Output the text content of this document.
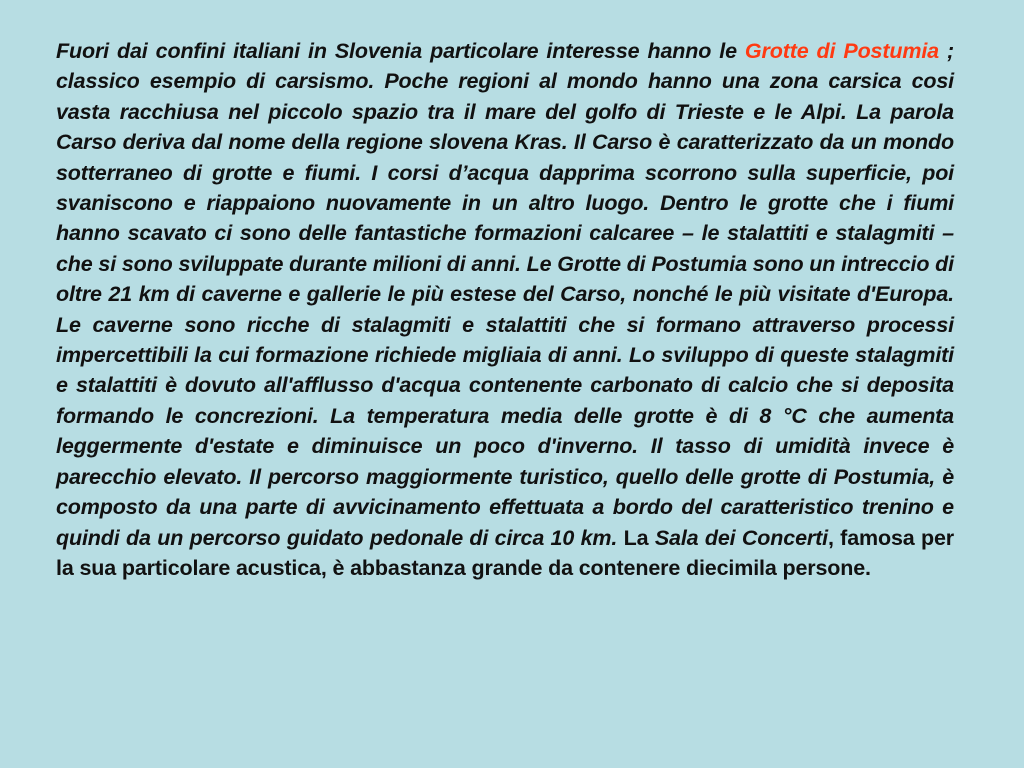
Fuori dai confini italiani in Slovenia particolare interesse hanno le Grotte di Postumia ; classico esempio di carsismo. Poche regioni al mondo hanno una zona carsica cosi vasta racchiusa nel piccolo spazio tra il mare del golfo di Trieste e le Alpi. La parola Carso deriva dal nome della regione slovena Kras. Il Carso è caratterizzato da un mondo sotterraneo di grotte e fiumi. I corsi d’acqua dapprima scorrono sulla superficie, poi svaniscono e riappaiono nuovamente in un altro luogo. Dentro le grotte che i fiumi hanno scavato ci sono delle fantastiche formazioni calcaree – le stalattiti e stalagmiti – che si sono sviluppate durante milioni di anni. Le Grotte di Postumia sono un intreccio di oltre 21 km di caverne e gallerie le più estese del Carso, nonché le più visitate d'Europa. Le caverne sono ricche di stalagmiti e stalattiti che si formano attraverso processi impercettibili la cui formazione richiede migliaia di anni. Lo sviluppo di queste stalagmiti e stalattiti è dovuto all'afflusso d'acqua contenente carbonato di calcio che si deposita formando le concrezioni. La temperatura media delle grotte è di 8 °C che aumenta leggermente d'estate e diminuisce un poco d'inverno. Il tasso di umidità invece è parecchio elevato. Il percorso maggiormente turistico, quello delle grotte di Postumia, è composto da una parte di avvicinamento effettuata a bordo del caratteristico trenino e quindi da un percorso guidato pedonale di circa 10 km. La Sala dei Concerti, famosa per la sua particolare acustica, è abbastanza grande da contenere diecimila persone.
